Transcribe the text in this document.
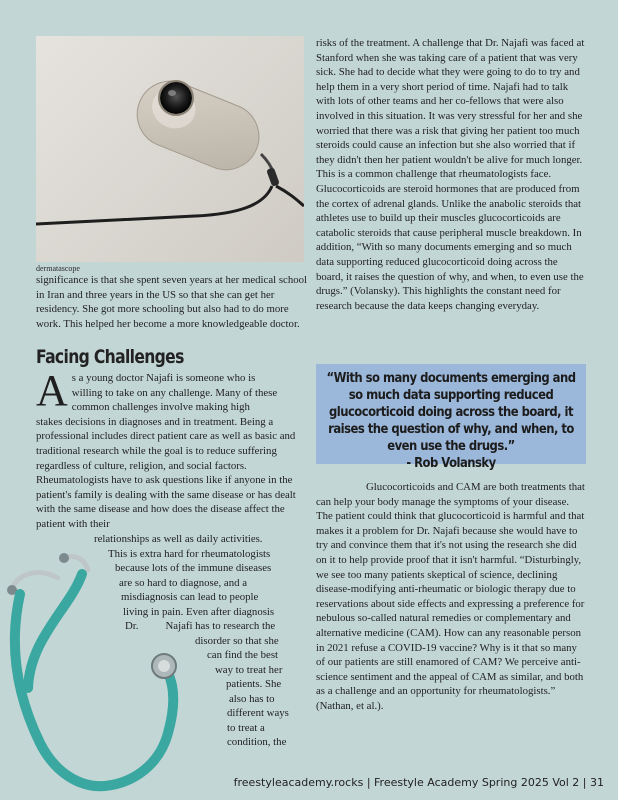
dermatascope
significance is that she spent seven years at her medical school in Iran and three years in the US so that she can get her residency. She got more schooling but also had to do more work. This helped her become a more knowledgeable doctor.
Facing Challenges
A s a young doctor Najafi is someone who is
willing to take on any challenge. Many of these
common challenges involve making high
stakes decisions in diagnoses and in treatment. Being a professional includes direct patient care as well as basic and traditional research while the goal is to reduce suffering regardless of culture, religion, and social factors. Rheumatologists have to ask questions like if anyone in the patient's family is dealing with the same disease or has dealt with the same disease and how does the disease affect the patient with their
relationships as well as daily activities.
This is extra hard for rheumatologists
because lots of the immune diseases
are so hard to diagnose, and a
misdiagnosis can lead to people
living in pain. Even after diagnosis
Dr.          Najafi has to research the
disorder so that she
can find the best
way to treat her
patients. She
also has to
different ways
to treat a
condition, the
risks of the treatment. A challenge that Dr. Najafi was faced at Stanford when she was taking care of a patient that was very sick. She had to decide what they were going to do to try and help them in a very short period of time. Najafi had to talk with lots of other teams and her co-fellows that were also involved in this situation. It was very stressful for her and she worried that there was a risk that giving her patient too much steroids could cause an infection but she also worried that if they didn't then her patient wouldn't be alive for much longer. This is a common challenge that rheumatologists face. Glucocorticoids are steroid hormones that are produced from the cortex of adrenal glands. Unlike the anabolic steroids that athletes use to build up their muscles glucocorticoids are catabolic steroids that cause peripheral muscle breakdown. In addition, “With so many documents emerging and so much data supporting reduced glucocorticoid doing across the board, it raises the question of why, and when, to even use the drugs.” (Volansky). This highlights the constant need for research because the data keeps changing everyday.
“With so many documents emerging and so much data supporting reduced glucocorticoid doing across the board, it raises the question of why, and when, to even use the drugs.”
- Rob Volansky
Glucocorticoids and CAM are both treatments that can help your body manage the symptoms of your disease. The patient could think that glucocorticoid is harmful and that makes it a problem for Dr. Najafi because she would have to try and convince them that it's not using the research she did on it to help provide proof that it isn't harmful. “Disturbingly, we see too many patients skeptical of science, declining disease-modifying anti-rheumatic or biologic therapy due to reservations about side effects and expressing a preference for nebulous so-called natural remedies or complementary and alternative medicine (CAM). How can any reasonable person in 2021 refuse a COVID-19 vaccine? Why is it that so many of our patients are still enamored of CAM? We perceive anti-science sentiment and the appeal of CAM as similar, and both as a challenge and an opportunity for rheumatologists.” (Nathan, et al.).
freestyleacademy.rocks | Freestyle Academy Spring 2025 Vol 2 | 31
